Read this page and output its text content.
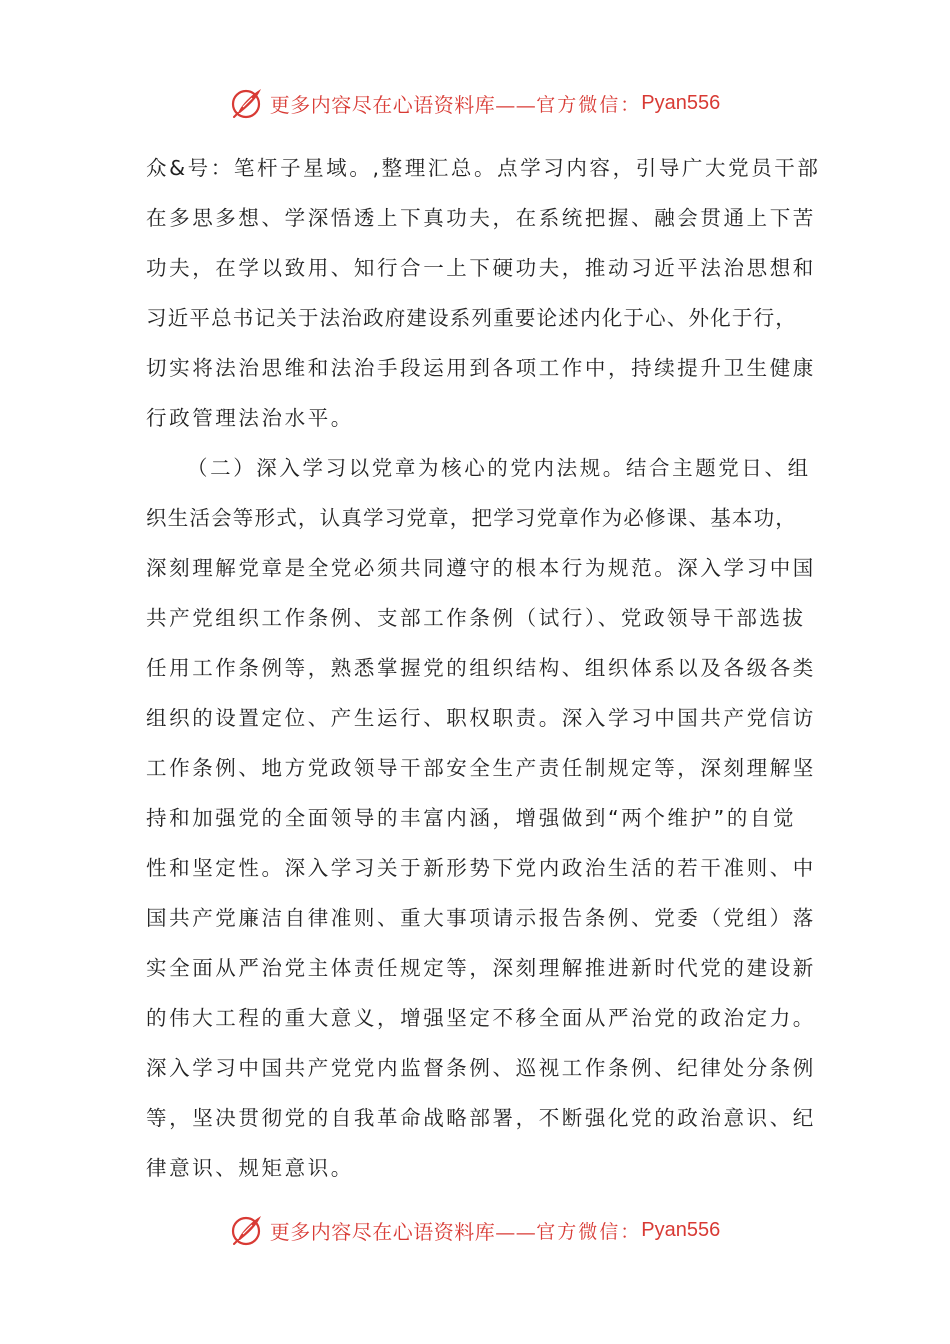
更多内容尽在心语资料库—— 官方微信： Pyan556
众&号：笔杆子星域。,整理汇总。点学习内容，引导广大党员干部
在多思多想、学深悟透上下真功夫，在系统把握、融会贯通上下苦
功夫，在学以致用、知行合一上下硬功夫，推动习近平法治思想和
习近平总书记关于法治政府建设系列重要论述内化于心、外化于行，
切实将法治思维和法治手段运用到各项工作中，持续提升卫生健康
行政管理法治水平。
（二）深入学习以党章为核心的党内法规。结合主题党日、组
织生活会等形式，认真学习党章，把学习党章作为必修课、基本功，
深刻理解党章是全党必须共同遵守的根本行为规范。深入学习中国
共产党组织工作条例、支部工作条例（试行）、党政领导干部选拔
任用工作条例等，熟悉掌握党的组织结构、组织体系以及各级各类
组织的设置定位、产生运行、职权职责。深入学习中国共产党信访
工作条例、地方党政领导干部安全生产责任制规定等，深刻理解坚
持和加强党的全面领导的丰富内涵，增强做到“两个维护”的自觉
性和坚定性。深入学习关于新形势下党内政治生活的若干准则、中
国共产党廉洁自律准则、重大事项请示报告条例、党委（党组）落
实全面从严治党主体责任规定等，深刻理解推进新时代党的建设新
的伟大工程的重大意义，增强坚定不移全面从严治党的政治定力。
深入学习中国共产党党内监督条例、巡视工作条例、纪律处分条例
等，坚决贯彻党的自我革命战略部署，不断强化党的政治意识、纪
律意识、规矩意识。
更多内容尽在心语资料库—— 官方微信： Pyan556
